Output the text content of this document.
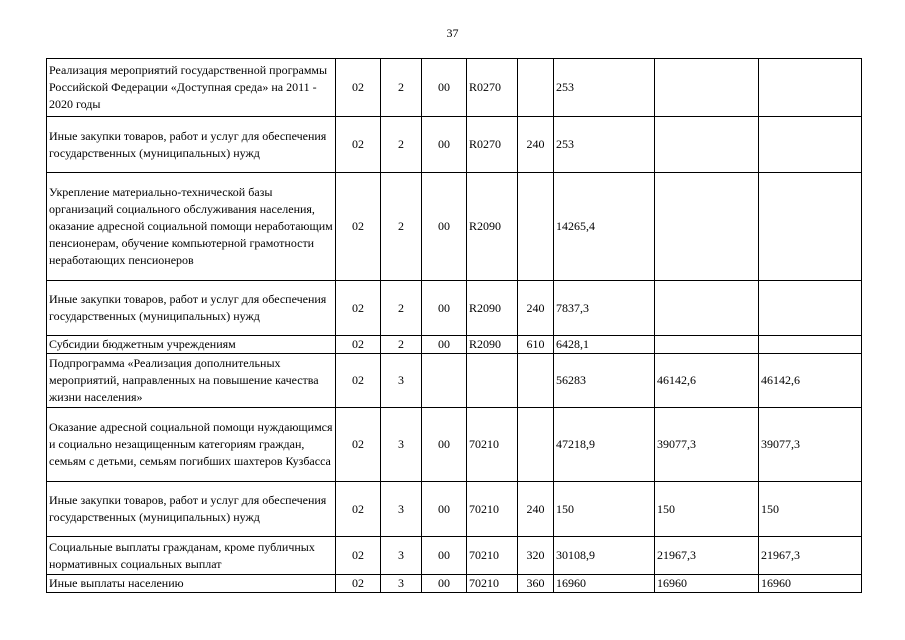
37
Реализация мероприятий государственной программы Российской Федерации «Доступная среда» на 2011 - 2020 годы	02	2	00	R0270		253		
Иные закупки товаров, работ и услуг для обеспечения государственных (муниципальных) нужд	02	2	00	R0270	240	253		
Укрепление материально-технической базы организаций социального обслуживания населения, оказание адресной социальной помощи неработающим пенсионерам, обучение компьютерной грамотности неработающих пенсионеров	02	2	00	R2090		14265,4		
Иные закупки товаров, работ и услуг для обеспечения государственных (муниципальных) нужд	02	2	00	R2090	240	7837,3		
Субсидии бюджетным учреждениям	02	2	00	R2090	610	6428,1		
Подпрограмма «Реализация дополнительных мероприятий, направленных на повышение качества жизни населения»	02	3				56283	46142,6	46142,6
Оказание адресной социальной помощи нуждающимся и социально незащищенным категориям граждан, семьям с детьми, семьям погибших шахтеров Кузбасса	02	3	00	70210		47218,9	39077,3	39077,3
Иные закупки товаров, работ и услуг для обеспечения государственных (муниципальных) нужд	02	3	00	70210	240	150	150	150
Социальные выплаты гражданам, кроме публичных нормативных социальных выплат	02	3	00	70210	320	30108,9	21967,3	21967,3
Иные выплаты населению	02	3	00	70210	360	16960	16960	16960
